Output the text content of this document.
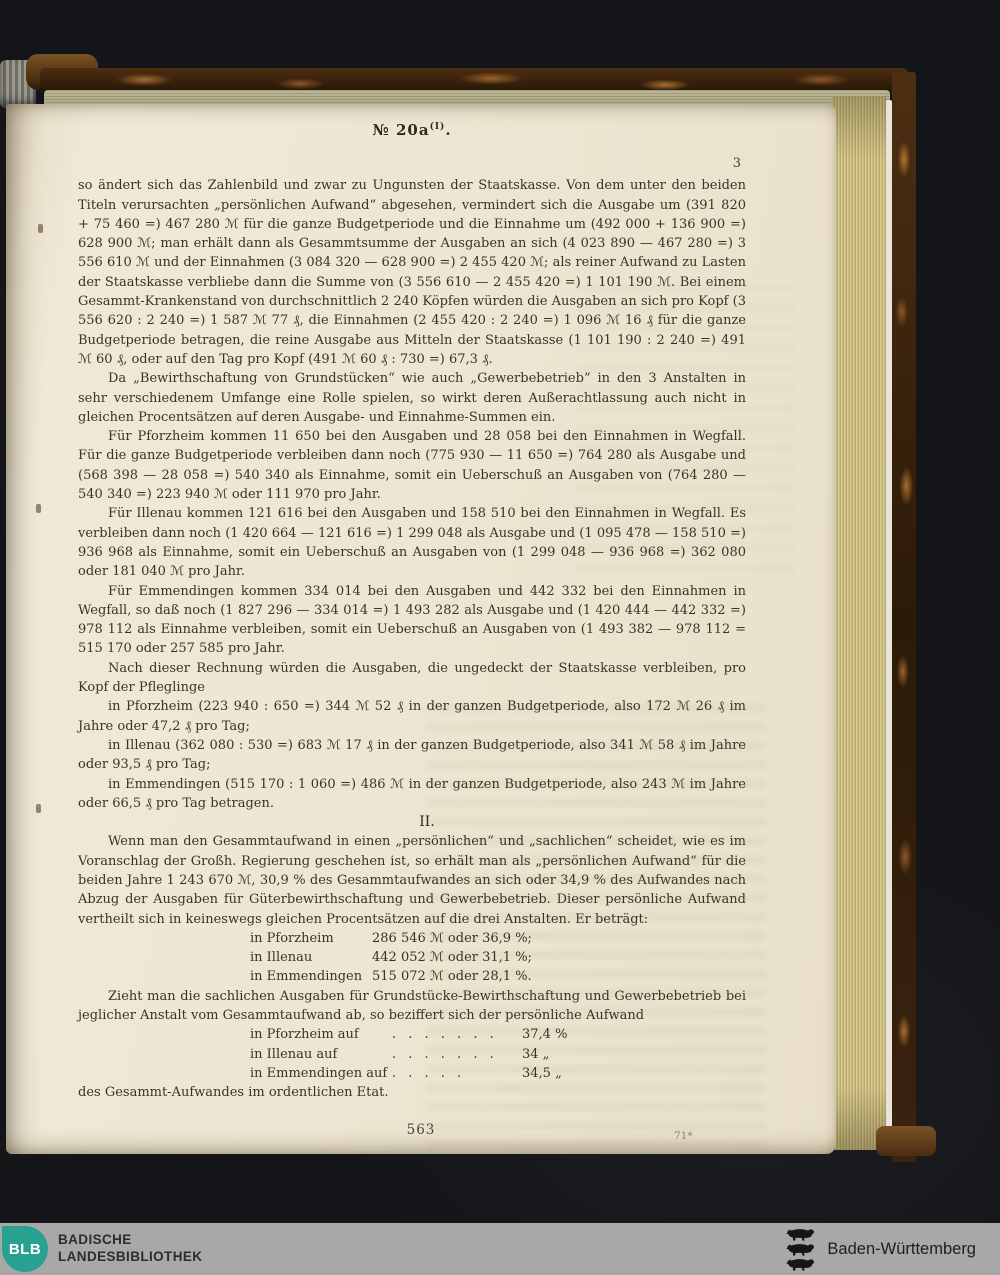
№ $20a^{(I)}$.
3

so ändert sich das Zahlenbild und zwar zu Ungunsten der Staatskasse. Von dem unter den beiden Titeln verursachten „persönlichen Aufwand“ abgesehen, vermindert sich die Ausgabe um (391 820 + 75 460 =) 467 280 ℳ für die ganze Budgetperiode und die Einnahme um (492 000 + 136 900 =) 628 900 ℳ; man erhält dann als Gesammtsumme der Ausgaben an sich (4 023 890 — 467 280 =) 3 556 610 ℳ und der Einnahmen (3 084 320 — 628 900 =) 2 455 420 ℳ; als reiner Aufwand zu Lasten der Staatskasse verbliebe dann die Summe von (3 556 610 — 2 455 420 =) 1 101 190 ℳ. Bei einem Gesammt-Krankenstand von durchschnittlich 2 240 Köpfen würden die Ausgaben an sich pro Kopf (3 556 620 : 2 240 =) 1 587 ℳ 77 ₰, die Einnahmen (2 455 420 : 2 240 =) 1 096 ℳ 16 ₰ für die ganze Budgetperiode betragen, die reine Ausgabe aus Mitteln der Staatskasse (1 101 190 : 2 240 =) 491 ℳ 60 ₰, oder auf den Tag pro Kopf (491 ℳ 60 ₰ : 730 =) 67,3 ₰.

Da „Bewirthschaftung von Grundstücken“ wie auch „Gewerbebetrieb“ in den 3 Anstalten in sehr verschiedenem Umfange eine Rolle spielen, so wirkt deren Außerachtlassung auch nicht in gleichen Procentsätzen auf deren Ausgabe- und Einnahme-Summen ein.

Für Pforzheim kommen 11 650 bei den Ausgaben und 28 058 bei den Einnahmen in Wegfall. Für die ganze Budgetperiode verbleiben dann noch (775 930 — 11 650 =) 764 280 als Ausgabe und (568 398 — 28 058 =) 540 340 als Einnahme, somit ein Ueberschuß an Ausgaben von (764 280 — 540 340 =) 223 940 ℳ oder 111 970 pro Jahr.

Für Illenau kommen 121 616 bei den Ausgaben und 158 510 bei den Einnahmen in Wegfall. Es verbleiben dann noch (1 420 664 — 121 616 =) 1 299 048 als Ausgabe und (1 095 478 — 158 510 =) 936 968 als Einnahme, somit ein Ueberschuß an Ausgaben von (1 299 048 — 936 968 =) 362 080 oder 181 040 ℳ pro Jahr.

Für Emmendingen kommen 334 014 bei den Ausgaben und 442 332 bei den Einnahmen in Wegfall, so daß noch (1 827 296 — 334 014 =) 1 493 282 als Ausgabe und (1 420 444 — 442 332 =) 978 112 als Einnahme verbleiben, somit ein Ueberschuß an Ausgaben von (1 493 382 — 978 112 = 515 170 oder 257 585 pro Jahr.

Nach dieser Rechnung würden die Ausgaben, die ungedeckt der Staatskasse verbleiben, pro Kopf der Pfleglinge

in Pforzheim (223 940 : 650 =) 344 ℳ 52 ₰ in der ganzen Budgetperiode, also 172 ℳ 26 ₰ im Jahre oder 47,2 ₰ pro Tag;

in Illenau (362 080 : 530 =) 683 ℳ 17 ₰ in der ganzen Budgetperiode, also 341 ℳ 58 ₰ im Jahre oder 93,5 ₰ pro Tag;

in Emmendingen (515 170 : 1 060 =) 486 ℳ in der ganzen Budgetperiode, also 243 ℳ im Jahre oder 66,5 ₰ pro Tag betragen.

II.

Wenn man den Gesammtaufwand in einen „persönlichen“ und „sachlichen“ scheidet, wie es im Voranschlag der Großh. Regierung geschehen ist, so erhält man als „persönlichen Aufwand“ für die beiden Jahre 1 243 670 ℳ, 30,9 % des Gesammtaufwandes an sich oder 34,9 % des Aufwandes nach Abzug der Ausgaben für Güterbewirthschaftung und Gewerbebetrieb. Dieser persönliche Aufwand vertheilt sich in keineswegs gleichen Procentsätzen auf die drei Anstalten. Er beträgt:

in Pforzheim	286 546 ℳ oder 36,9 %;
in Illenau	442 052 ℳ oder 31,1 %;
in Emmendingen 515 072 ℳ oder 28,1 %.

Zieht man die sachlichen Ausgaben für Grundstücke-Bewirthschaftung und Gewerbebetrieb bei jeglicher Anstalt vom Gesammtaufwand ab, so beziffert sich der persönliche Aufwand

in Pforzheim auf	. . . . . . .	37,4 %
in Illenau auf	. . . . . . .	34 „
in Emmendingen auf . . . . .	34,5 „

des Gesammt-Aufwandes im ordentlichen Etat.

563	71*
BLB
BADISCHE
LANDESBIBLIOTHEK	Baden-Württemberg
